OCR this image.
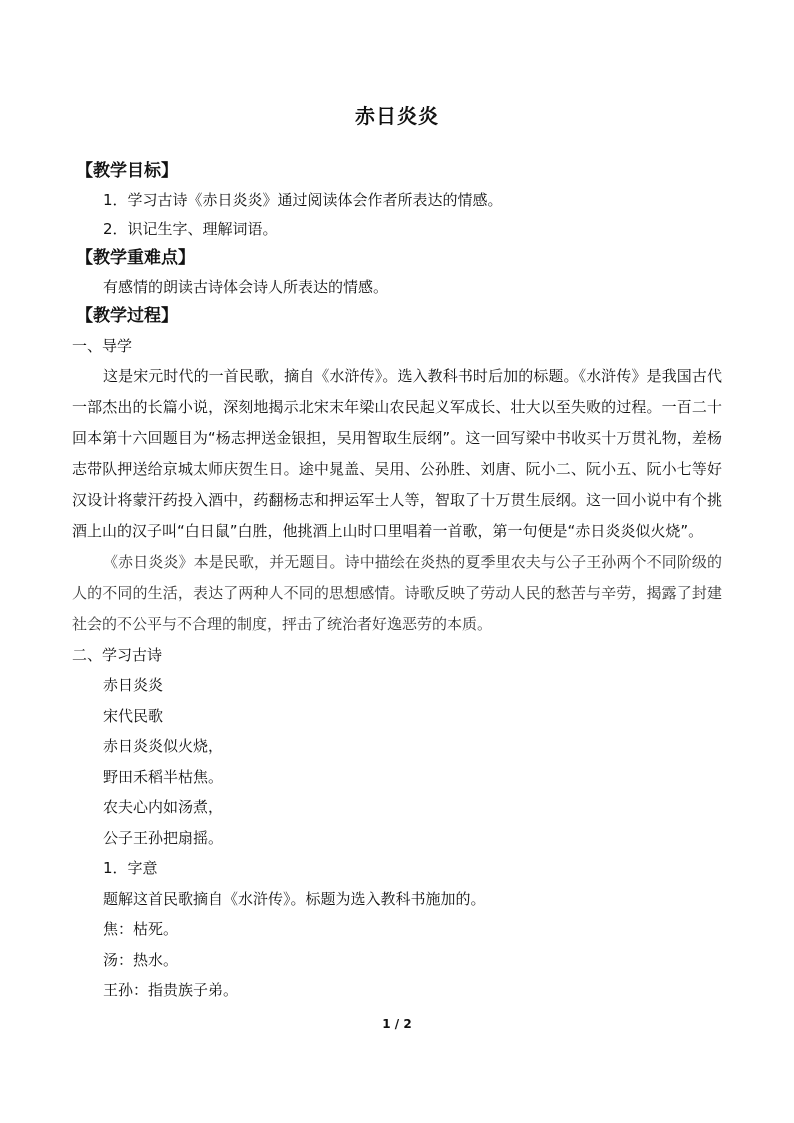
赤日炎炎
【教学目标】
1．学习古诗《赤日炎炎》通过阅读体会作者所表达的情感。
2．识记生字、理解词语。
【教学重难点】
有感情的朗读古诗体会诗人所表达的情感。
【教学过程】
一、导学

这是宋元时代的一首民歌，摘自《水浒传》。选入教科书时后加的标题。《水浒传》是我国古代一部杰出的长篇小说，深刻地揭示北宋末年梁山农民起义军成长、壮大以至失败的过程。一百二十回本第十六回题目为“杨志押送金银担，吴用智取生辰纲”。这一回写梁中书收买十万贯礼物，差杨志带队押送给京城太师庆贺生日。途中晁盖、吴用、公孙胜、刘唐、阮小二、阮小五、阮小七等好汉设计将蒙汗药投入酒中，药翻杨志和押运军士人等，智取了十万贯生辰纲。这一回小说中有个挑酒上山的汉子叫“白日鼠”白胜，他挑酒上山时口里唱着一首歌，第一句便是“赤日炎炎似火烧”。

《赤日炎炎》本是民歌，并无题目。诗中描绘在炎热的夏季里农夫与公子王孙两个不同阶级的人的不同的生活，表达了两种人不同的思想感情。诗歌反映了劳动人民的愁苦与辛劳，揭露了封建社会的不公平与不合理的制度，抨击了统治者好逸恶劳的本质。

二、学习古诗
赤日炎炎
宋代民歌
赤日炎炎似火烧，
野田禾稻半枯焦。
农夫心内如汤煮，
公子王孙把扇摇。
1．字意
题解这首民歌摘自《水浒传》。标题为选入教科书施加的。
焦：枯死。
汤：热水。
王孙：指贵族子弟。
1 / 2
